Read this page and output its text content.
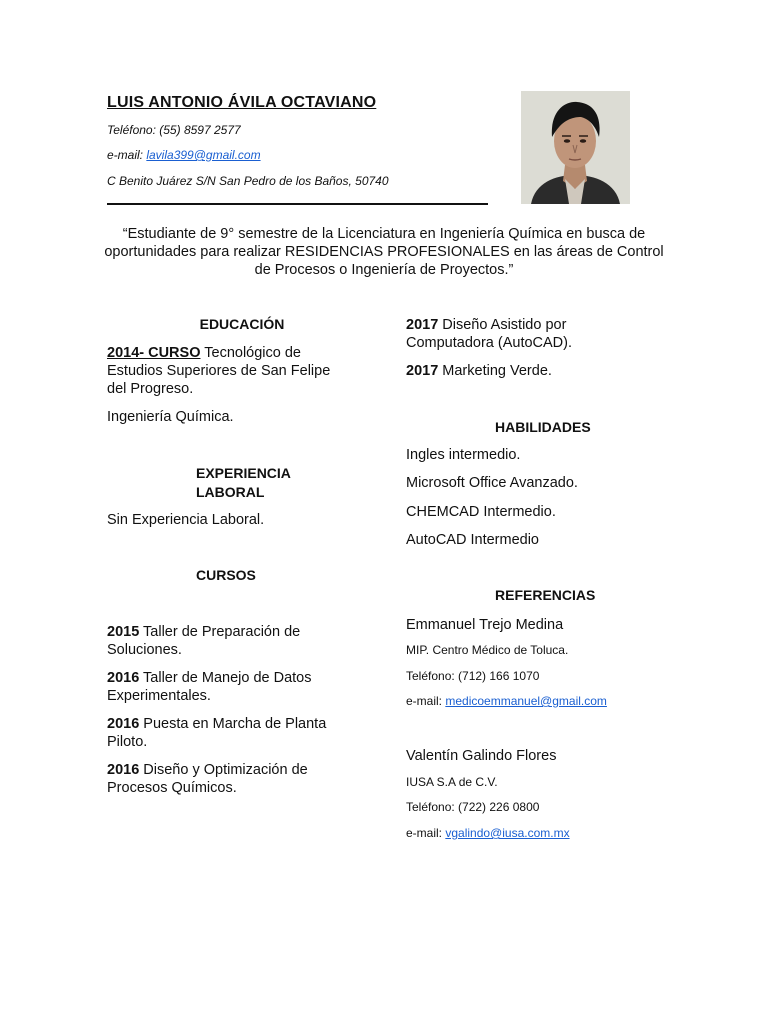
LUIS ANTONIO ÁVILA OCTAVIANO
Teléfono: (55) 8597 2577
e-mail: lavila399@gmail.com
C Benito Juárez S/N San Pedro de los Baños, 50740
“Estudiante de 9° semestre de la Licenciatura en Ingeniería Química en busca de oportunidades para realizar RESIDENCIAS PROFESIONALES en las áreas de Control de Procesos o Ingeniería de Proyectos.”
EDUCACIÓN
2014- CURSO Tecnológico de Estudios Superiores de San Felipe del Progreso.
Ingeniería Química.
EXPERIENCIA LABORAL
Sin Experiencia Laboral.
CURSOS
2015 Taller de Preparación de Soluciones.
2016 Taller de Manejo de Datos Experimentales.
2016 Puesta en Marcha de Planta Piloto.
2016 Diseño y Optimización de Procesos Químicos.
2017 Diseño Asistido por Computadora (AutoCAD).
2017 Marketing Verde.
HABILIDADES
Ingles intermedio.
Microsoft Office Avanzado.
CHEMCAD Intermedio.
AutoCAD Intermedio
REFERENCIAS
Emmanuel Trejo Medina
MIP. Centro Médico de Toluca.
Teléfono: (712) 166 1070
e-mail: medicoemmanuel@gmail.com
Valentín Galindo Flores
IUSA S.A de C.V.
Teléfono: (722) 226 0800
e-mail: vgalindo@iusa.com.mx
